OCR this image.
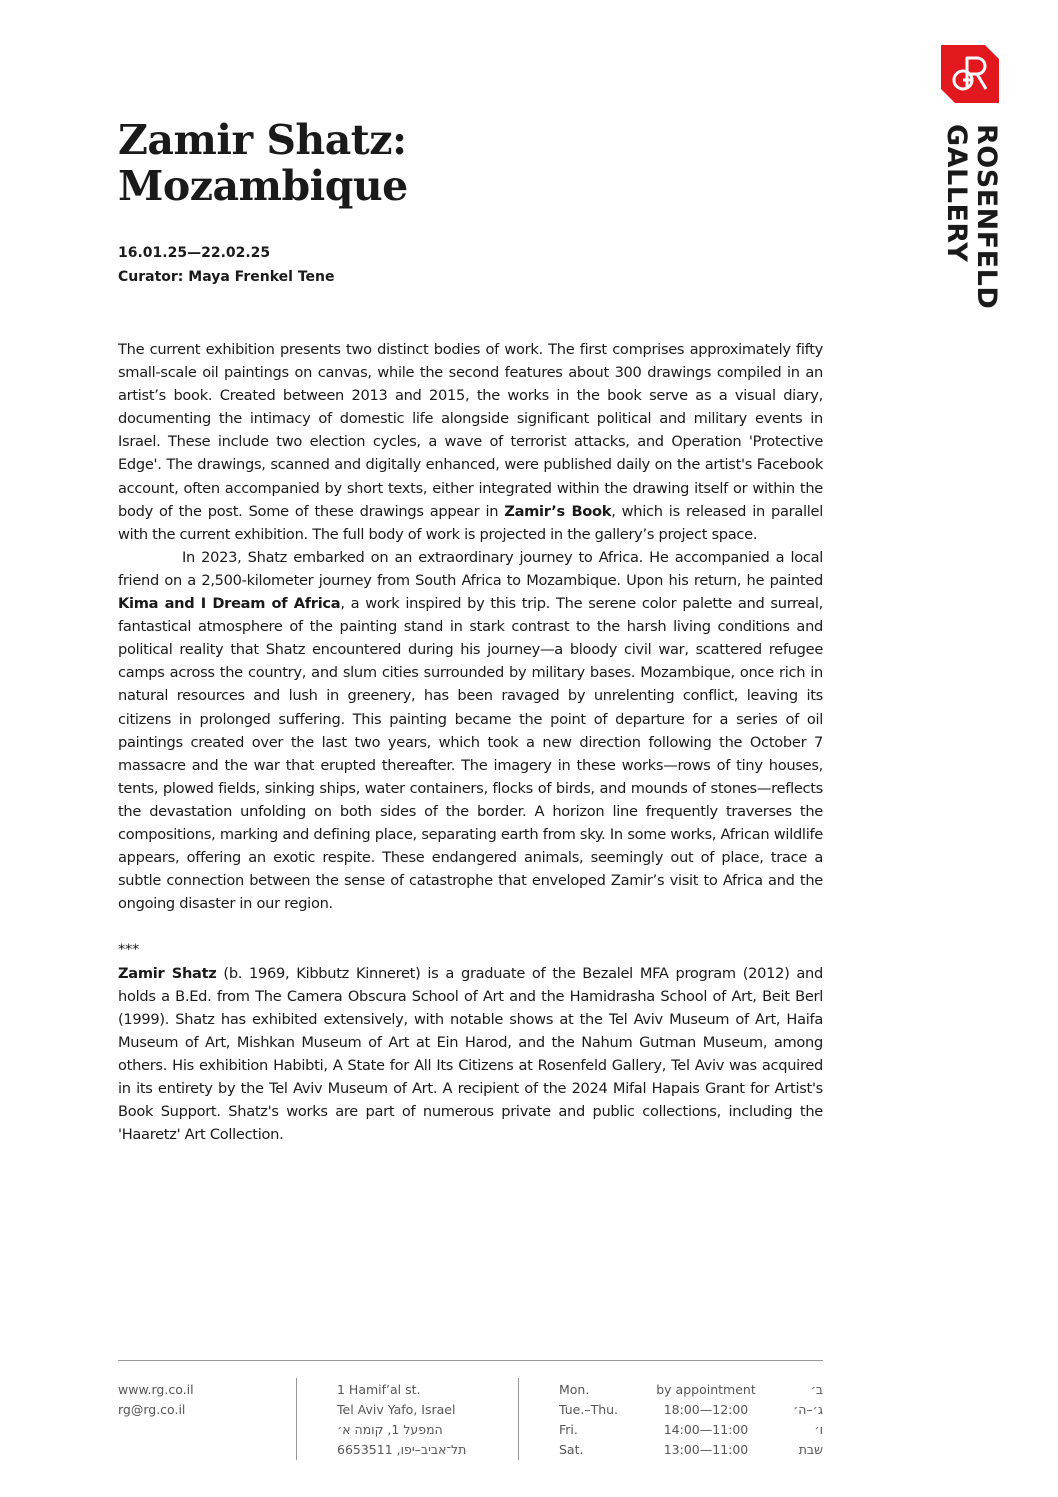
ROSENFELD
GALLERY
Zamir Shatz:
Mozambique
16.01.25—22.02.25
Curator: Maya Frenkel Tene

The current exhibition presents two distinct bodies of work. The first comprises approximately fifty small-scale oil paintings on canvas, while the second features about 300 drawings compiled in an artist’s book. Created between 2013 and 2015, the works in the book serve as a visual diary, documenting the intimacy of domestic life alongside significant political and military events in Israel. These include two election cycles, a wave of terrorist attacks, and Operation 'Protective Edge'. The drawings, scanned and digitally enhanced, were published daily on the artist's Facebook account, often accompanied by short texts, either integrated within the drawing itself or within the body of the post. Some of these drawings appear in Zamir’s Book, which is released in parallel with the current exhibition. The full body of work is projected in the gallery’s project space.

In 2023, Shatz embarked on an extraordinary journey to Africa. He accompanied a local friend on a 2,500-kilometer journey from South Africa to Mozambique. Upon his return, he painted Kima and I Dream of Africa, a work inspired by this trip. The serene color palette and surreal, fantastical atmosphere of the painting stand in stark contrast to the harsh living conditions and political reality that Shatz encountered during his journey—a bloody civil war, scattered refugee camps across the country, and slum cities surrounded by military bases. Mozambique, once rich in natural resources and lush in greenery, has been ravaged by unrelenting conflict, leaving its citizens in prolonged suffering. This painting became the point of departure for a series of oil paintings created over the last two years, which took a new direction following the October 7 massacre and the war that erupted thereafter. The imagery in these works—rows of tiny houses, tents, plowed fields, sinking ships, water containers, flocks of birds, and mounds of stones—reflects the devastation unfolding on both sides of the border. A horizon line frequently traverses the compositions, marking and defining place, separating earth from sky. In some works, African wildlife appears, offering an exotic respite. These endangered animals, seemingly out of place, trace a subtle connection between the sense of catastrophe that enveloped Zamir’s visit to Africa and the ongoing disaster in our region.

***

Zamir Shatz (b. 1969, Kibbutz Kinneret) is a graduate of the Bezalel MFA program (2012) and holds a B.Ed. from The Camera Obscura School of Art and the Hamidrasha School of Art, Beit Berl (1999). Shatz has exhibited extensively, with notable shows at the Tel Aviv Museum of Art, Haifa Museum of Art, Mishkan Museum of Art at Ein Harod, and the Nahum Gutman Museum, among others. His exhibition Habibti, A State for All Its Citizens at Rosenfeld Gallery, Tel Aviv was acquired in its entirety by the Tel Aviv Museum of Art. A recipient of the 2024 Mifal Hapais Grant for Artist's Book Support. Shatz's works are part of numerous private and public collections, including the 'Haaretz' Art Collection.

www.rg.co.il
rg@rg.co.il
1 Hamif’al st.
Tel Aviv Yafo, Israel
המפעל 1, קומה א׳
תל־אביב–יפו, 6653511
Mon.	by appointment	ב׳
Tue.–Thu.	18:00—12:00	ג׳–ה׳
Fri.	14:00—11:00	ו׳
Sat.	13:00—11:00	שבת
